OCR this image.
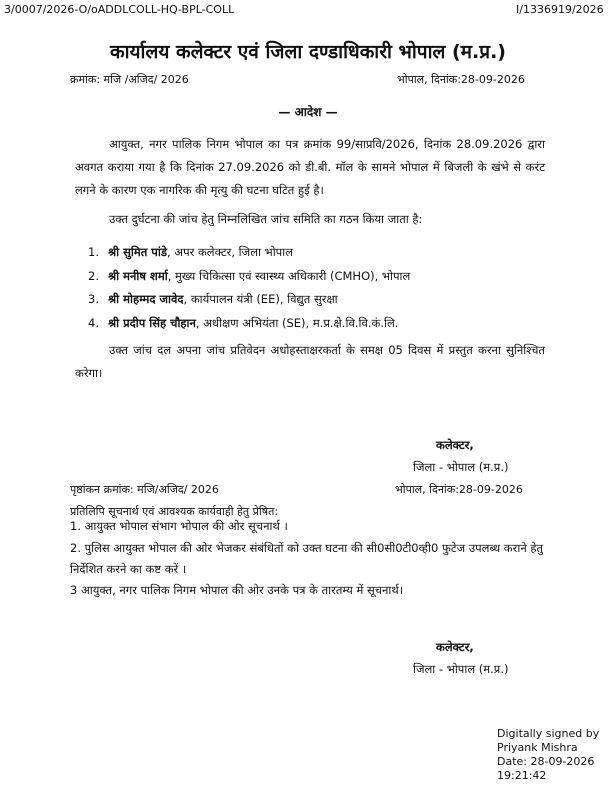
3/0007/2026-O/oADDLCOLL-HQ-BPL-COLL	I/1336919/2026
कार्यालय कलेक्टर एवं जिला दण्डाधिकारी भोपाल (म.प्र.)
क्रमांक: मजि /अजिद/ 2026	भोपाल, दिनांक:28-09-2026
— आदेश —
आयुक्त, नगर पालिक निगम भोपाल का पत्र क्रमांक 99/साप्रवि/2026, दिनांक 28.09.2026 द्वारा अवगत कराया गया है कि दिनांक 27.09.2026 को डी.बी. मॉल के सामने भोपाल में बिजली के खंभे से करंट लगने के कारण एक नागरिक की मृत्यु की घटना घटित हुई है।
उक्त दुर्घटना की जांच हेतु निम्नलिखित जांच समिति का गठन किया जाता है:
1. श्री सुमित पांडे, अपर कलेक्टर, जिला भोपाल
2. श्री मनीष शर्मा, मुख्य चिकित्सा एवं स्वास्थ्य अधिकारी (CMHO), भोपाल
3. श्री मोहम्मद जावेद, कार्यपालन यंत्री (EE), विद्युत सुरक्षा
4. श्री प्रदीप सिंह चौहान, अधीक्षण अभियंता (SE), म.प्र.क्षे.वि.वि.कं.लि.
उक्त जांच दल अपना जांच प्रतिवेदन अधोहस्ताक्षरकर्ता के समक्ष 05 दिवस में प्रस्तुत करना सुनिश्चित करेगा।
कलेक्टर,
जिला - भोपाल (म.प्र.)
पृष्ठांकन क्रमांक: मजि/अजिद/ 2026	भोपाल, दिनांक:28-09-2026
प्रतिलिपि सूचनार्थ एवं आवश्यक कार्यवाही हेतु प्रेषित:
1. आयुक्त भोपाल संभाग भोपाल की ओर सूचनार्थ ।
2. पुलिस आयुक्त भोपाल की ओर भेजकर संबंधितों को उक्त घटना की सी0सी0टी0व्ही0 फुटेज उपलब्ध कराने हेतु निर्देशित करने का कष्ट करें ।
3 आयुक्त, नगर पालिक निगम भोपाल की ओर उनके पत्र के तारतम्य में सूचनार्थ।
कलेक्टर,
जिला - भोपाल (म.प्र.)
Digitally signed by
Priyank Mishra
Date: 28-09-2026
19:21:42
